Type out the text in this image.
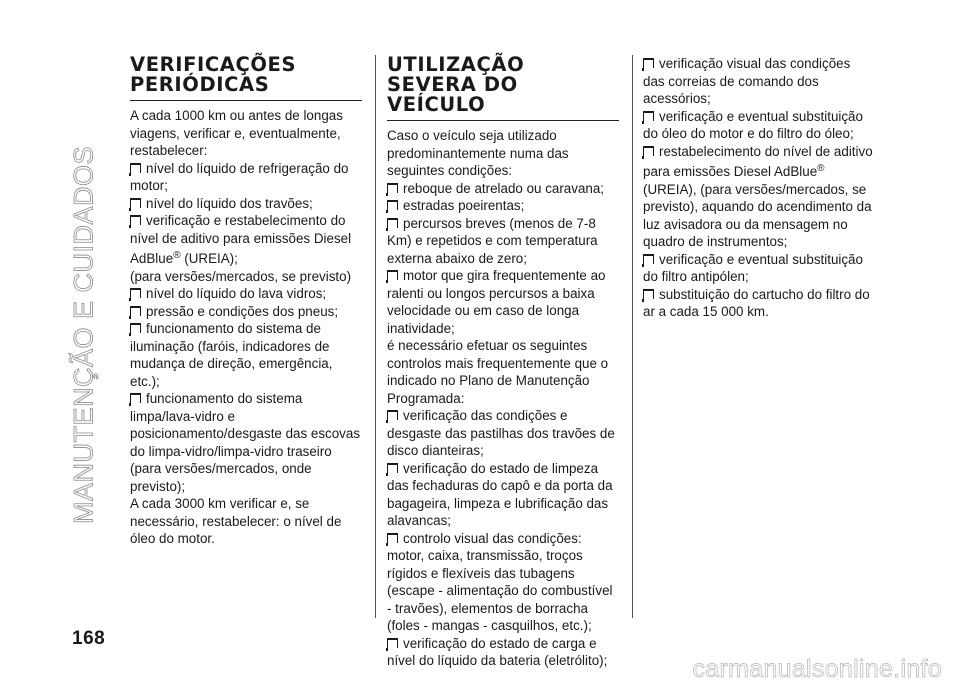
MANUTENÇÃO E CUIDADOS
VERIFICAÇÕES PERIÓDICAS

A cada 1000 km ou antes de longas viagens, verificar e, eventualmente, restabelecer:

nível do líquido de refrigeração do motor;
nível do líquido dos travões;
verificação e restabelecimento do nível de aditivo para emissões Diesel AdBlue® (UREIA);

(para versões/mercados, se previsto)

nível do líquido do lava vidros;
pressão e condições dos pneus;
funcionamento do sistema de iluminação (faróis, indicadores de mudança de direção, emergência, etc.);
funcionamento do sistema limpa/lava-vidro e posicionamento/desgaste das escovas do limpa-vidro/limpa-vidro traseiro (para versões/mercados, onde previsto);

A cada 3000 km verificar e, se necessário, restabelecer: o nível de óleo do motor.

UTILIZAÇÃO SEVERA DO VEÍCULO

Caso o veículo seja utilizado predominantemente numa das seguintes condições:

reboque de atrelado ou caravana;
estradas poeirentas;
percursos breves (menos de 7-8 Km) e repetidos e com temperatura externa abaixo de zero;
motor que gira frequentemente ao ralenti ou longos percursos a baixa velocidade ou em caso de longa inatividade;

é necessário efetuar os seguintes controlos mais frequentemente que o indicado no Plano de Manutenção Programada:

verificação das condições e desgaste das pastilhas dos travões de disco dianteiras;
verificação do estado de limpeza das fechaduras do capô e da porta da bagageira, limpeza e lubrificação das alavancas;
controlo visual das condições: motor, caixa, transmissão, troços rígidos e flexíveis das tubagens (escape - alimentação do combustível - travões), elementos de borracha (foles - mangas - casquilhos, etc.);
verificação do estado de carga e nível do líquido da bateria (eletrólito);
verificação visual das condições das correias de comando dos acessórios;
verificação e eventual substituição do óleo do motor e do filtro do óleo;
restabelecimento do nível de aditivo para emissões Diesel AdBlue®

(UREIA), (para versões/mercados, se previsto), aquando do acendimento da luz avisadora ou da mensagem no quadro de instrumentos;

verificação e eventual substituição do filtro antipólen;
substituição do cartucho do filtro do ar a cada 15 000 km.
168
carmanualsonline.info
